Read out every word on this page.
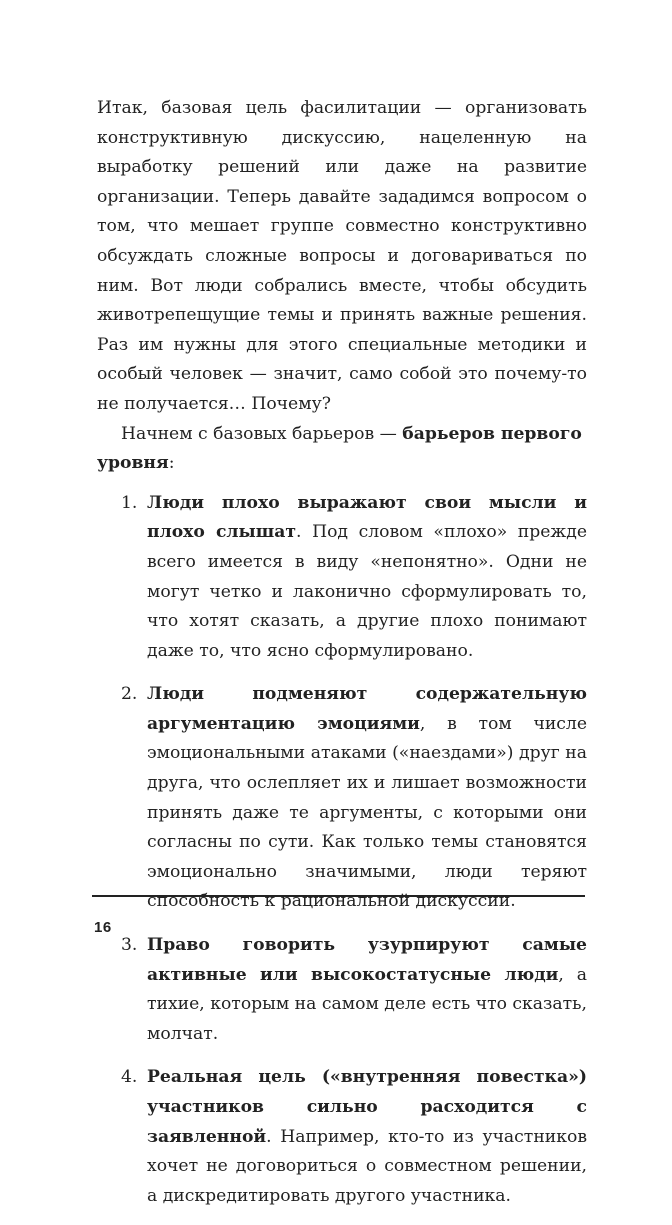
Итак, базовая цель фасилитации — организовать конструктивную дискуссию, нацеленную на выработку решений или даже на развитие организации. Теперь давайте зададимся вопросом о том, что мешает группе совместно конструктивно обсуждать сложные вопросы и договариваться по ним. Вот люди собрались вместе, чтобы обсудить животрепещущие темы и принять важные решения. Раз им нужны для этого специальные методики и особый человек — значит, само собой это почему-то не получается… Почему?

Начнем с базовых барьеров — барьеров первого уровня:

1. Люди плохо выражают свои мысли и плохо слышат. Под словом «плохо» прежде всего имеется в виду «непонятно». Одни не могут четко и лаконично сформулировать то, что хотят сказать, а другие плохо понимают даже то, что ясно сформулировано.
2. Люди подменяют содержательную аргументацию эмоциями, в том числе эмоциональными атаками («наездами») друг на друга, что ослепляет их и лишает возможности принять даже те аргументы, с которыми они согласны по сути. Как только темы становятся эмоционально значимыми, люди теряют способность к рациональной дискуссии.
3. Право говорить узурпируют самые активные или высокостатусные люди, а тихие, которым на самом деле есть что сказать, молчат.
4. Реальная цель («внутренняя повестка») участников сильно расходится с заявленной. Например, кто-то из участников хочет не договориться о совместном решении, а дискредитировать другого участника.
16
